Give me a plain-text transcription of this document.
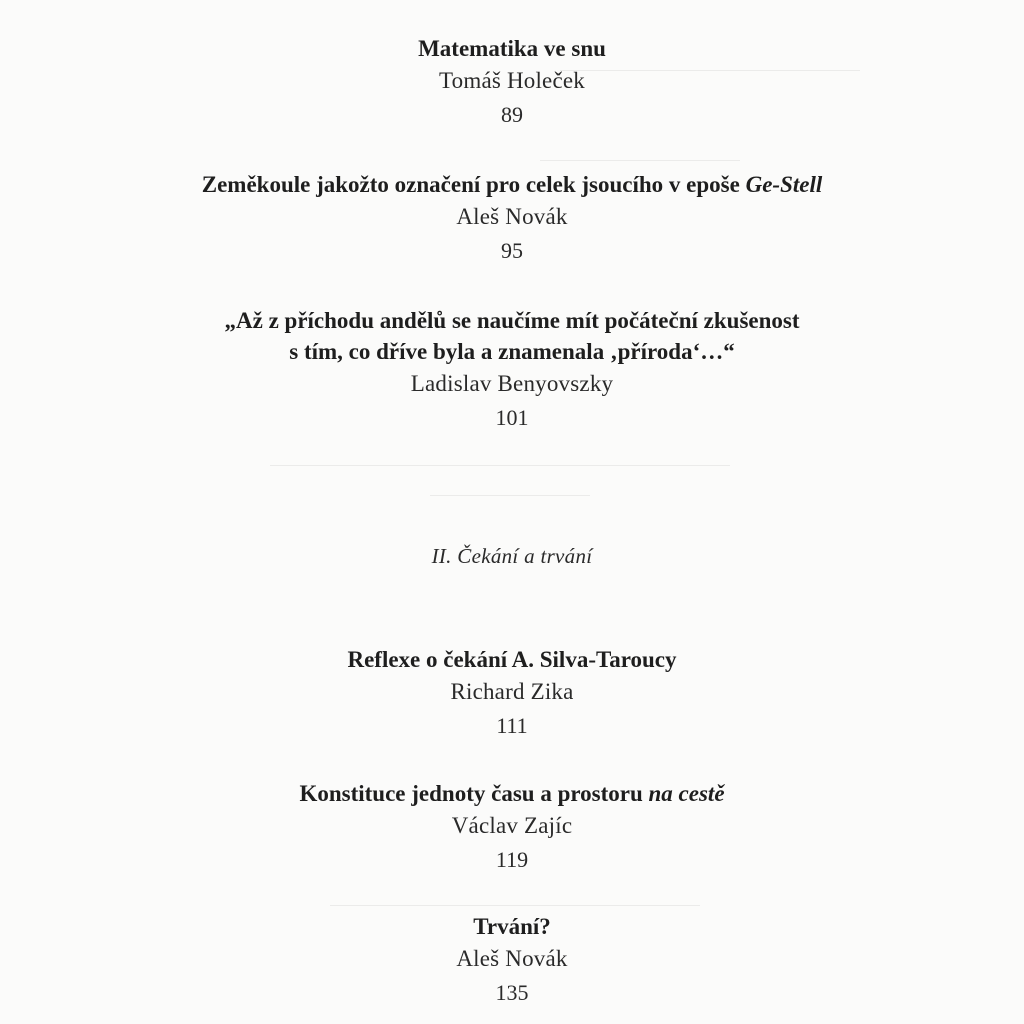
Matematika ve snu
Tomáš Holeček
89
Zeměkoule jakožto označení pro celek jsoucího v epoše Ge-Stell
Aleš Novák
95
„Až z příchodu andělů se naučíme mít počáteční zkušenost
s tím, co dříve byla a znamenala ‚příroda‘…“
Ladislav Benyovszky
101
II. Čekání a trvání
Reflexe o čekání A. Silva-Taroucy
Richard Zika
111
Konstituce jednoty času a prostoru na cestě
Václav Zajíc
119
Trvání?
Aleš Novák
135
